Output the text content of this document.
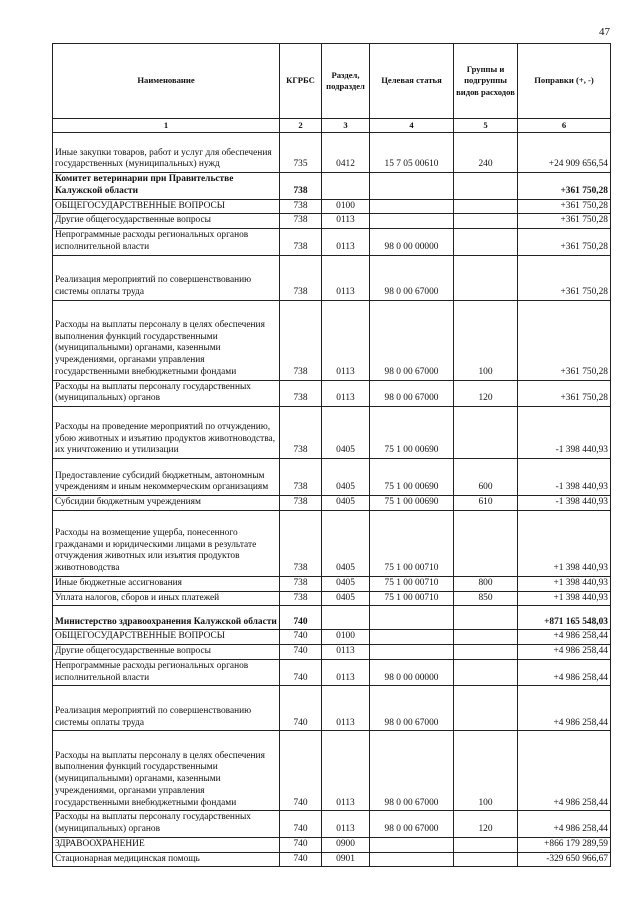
47
Наименование	КГРБС	Раздел, подраздел	Целевая статья	Группы и подгруппы видов расходов	Поправки (+, -)
1	2	3	4	5	6
Иные закупки товаров, работ и услуг для обеспечения государственных (муниципальных) нужд	735	0412	15 7 05 00610	240	+24 909 656,54
Комитет ветеринарии при Правительстве Калужской области	738				+361 750,28
ОБЩЕГОСУДАРСТВЕННЫЕ ВОПРОСЫ	738	0100			+361 750,28
Другие общегосударственные вопросы	738	0113			+361 750,28
Непрограммные расходы региональных органов исполнительной власти	738	0113	98 0 00 00000		+361 750,28
Реализация мероприятий по совершенствованию системы оплаты труда	738	0113	98 0 00 67000		+361 750,28
Расходы на выплаты персоналу в целях обеспечения выполнения функций государственными (муниципальными) органами, казенными учреждениями, органами управления государственными внебюджетными фондами	738	0113	98 0 00 67000	100	+361 750,28
Расходы на выплаты персоналу государственных (муниципальных) органов	738	0113	98 0 00 67000	120	+361 750,28
Расходы на проведение мероприятий по отчуждению, убою животных и изъятию продуктов животноводства, их уничтожению и утилизации	738	0405	75 1 00 00690		-1 398 440,93
Предоставление субсидий бюджетным, автономным учреждениям и иным некоммерческим организациям	738	0405	75 1 00 00690	600	-1 398 440,93
Субсидии бюджетным учреждениям	738	0405	75 1 00 00690	610	-1 398 440,93
Расходы на возмещение ущерба, понесенного гражданами и юридическими лицами в результате отчуждения животных или изъятия продуктов животноводства	738	0405	75 1 00 00710		+1 398 440,93
Иные бюджетные ассигнования	738	0405	75 1 00 00710	800	+1 398 440,93
Уплата налогов, сборов и иных платежей	738	0405	75 1 00 00710	850	+1 398 440,93
Министерство здравоохранения Калужской области	740				+871 165 548,03
ОБЩЕГОСУДАРСТВЕННЫЕ ВОПРОСЫ	740	0100			+4 986 258,44
Другие общегосударственные вопросы	740	0113			+4 986 258,44
Непрограммные расходы региональных органов исполнительной власти	740	0113	98 0 00 00000		+4 986 258,44
Реализация мероприятий по совершенствованию системы оплаты труда	740	0113	98 0 00 67000		+4 986 258,44
Расходы на выплаты персоналу в целях обеспечения выполнения функций государственными (муниципальными) органами, казенными учреждениями, органами управления государственными внебюджетными фондами	740	0113	98 0 00 67000	100	+4 986 258,44
Расходы на выплаты персоналу государственных (муниципальных) органов	740	0113	98 0 00 67000	120	+4 986 258,44
ЗДРАВООХРАНЕНИЕ	740	0900			+866 179 289,59
Стационарная медицинская помощь	740	0901			-329 650 966,67
